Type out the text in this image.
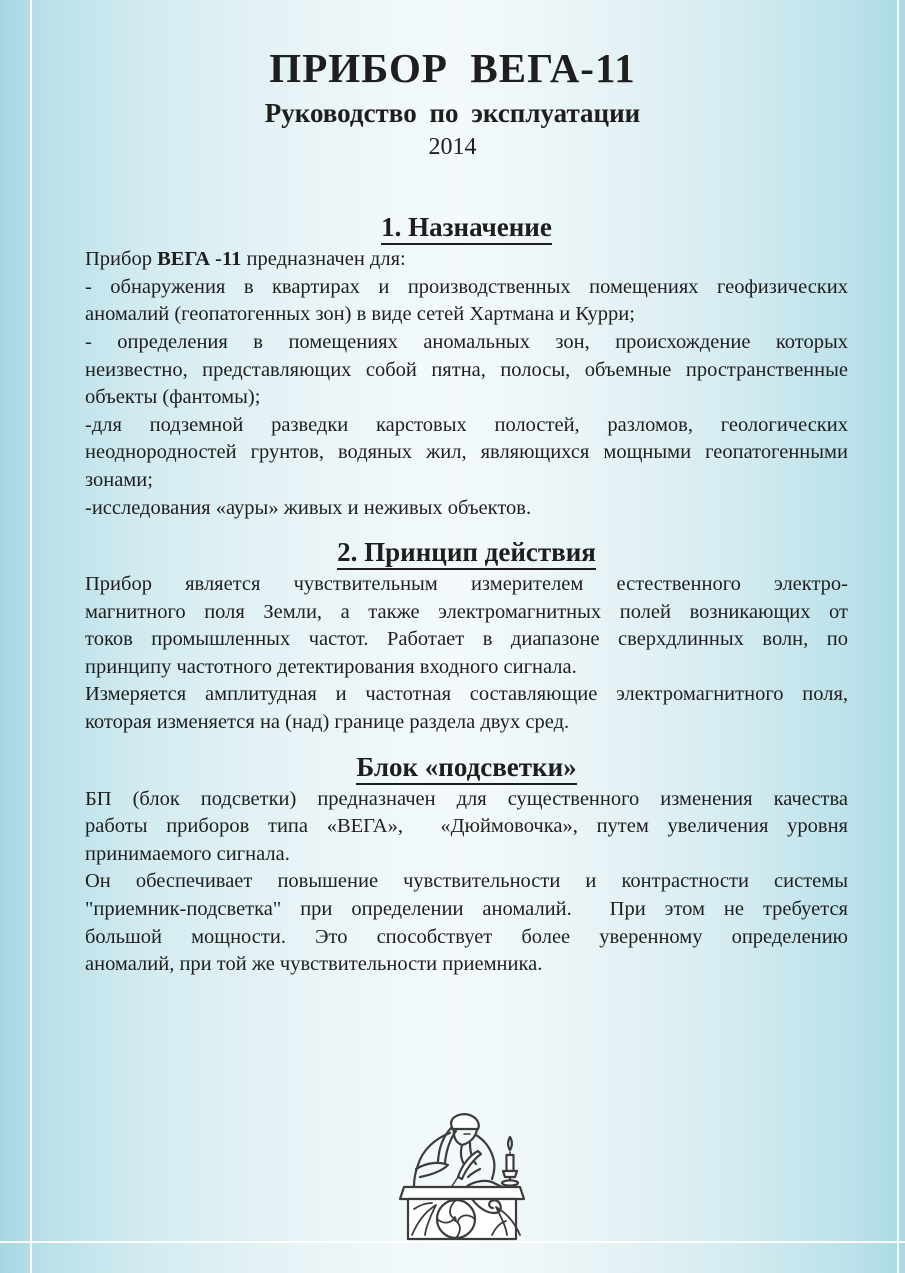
ПРИБОР  ВЕГА-11
Руководство по эксплуатации
2014
1. Назначение

Прибор ВЕГА -11 предназначен для:

- обнаружения в квартирах и производственных помещениях геофизических
аномалий (геопатогенных зон) в виде сетей Хартмана и Курри;
- определения в помещениях аномальных зон, происхождение которых
неизвестно, представляющих собой пятна, полосы, объемные пространственные
объекты (фантомы);
-для подземной разведки карстовых полостей, разломов, геологических
неоднородностей грунтов, водяных жил, являющихся мощными геопатогенными
зонами;
-исследования «ауры» живых и неживых объектов.
2. Принцип действия
Прибор является чувствительным измерителем естественного электро-
магнитного поля Земли, а также электромагнитных полей возникающих от
токов промышленных частот. Работает в диапазоне сверхдлинных волн, по
принципу частотного детектирования входного сигнала.
Измеряется амплитудная и частотная составляющие электромагнитного поля,
которая изменяется на (над) границе раздела двух сред.
Блок «подсветки»
БП (блок подсветки) предназначен для существенного изменения качества
работы приборов типа «ВЕГА»,  «Дюймовочка», путем увеличения уровня
принимаемого сигнала.
Он обеспечивает повышение чувствительности и контрастности системы
"приемник-подсветка" при определении аномалий.  При этом не требуется
большой мощности. Это способствует более уверенному определению
аномалий, при той же чувствительности приемника.
